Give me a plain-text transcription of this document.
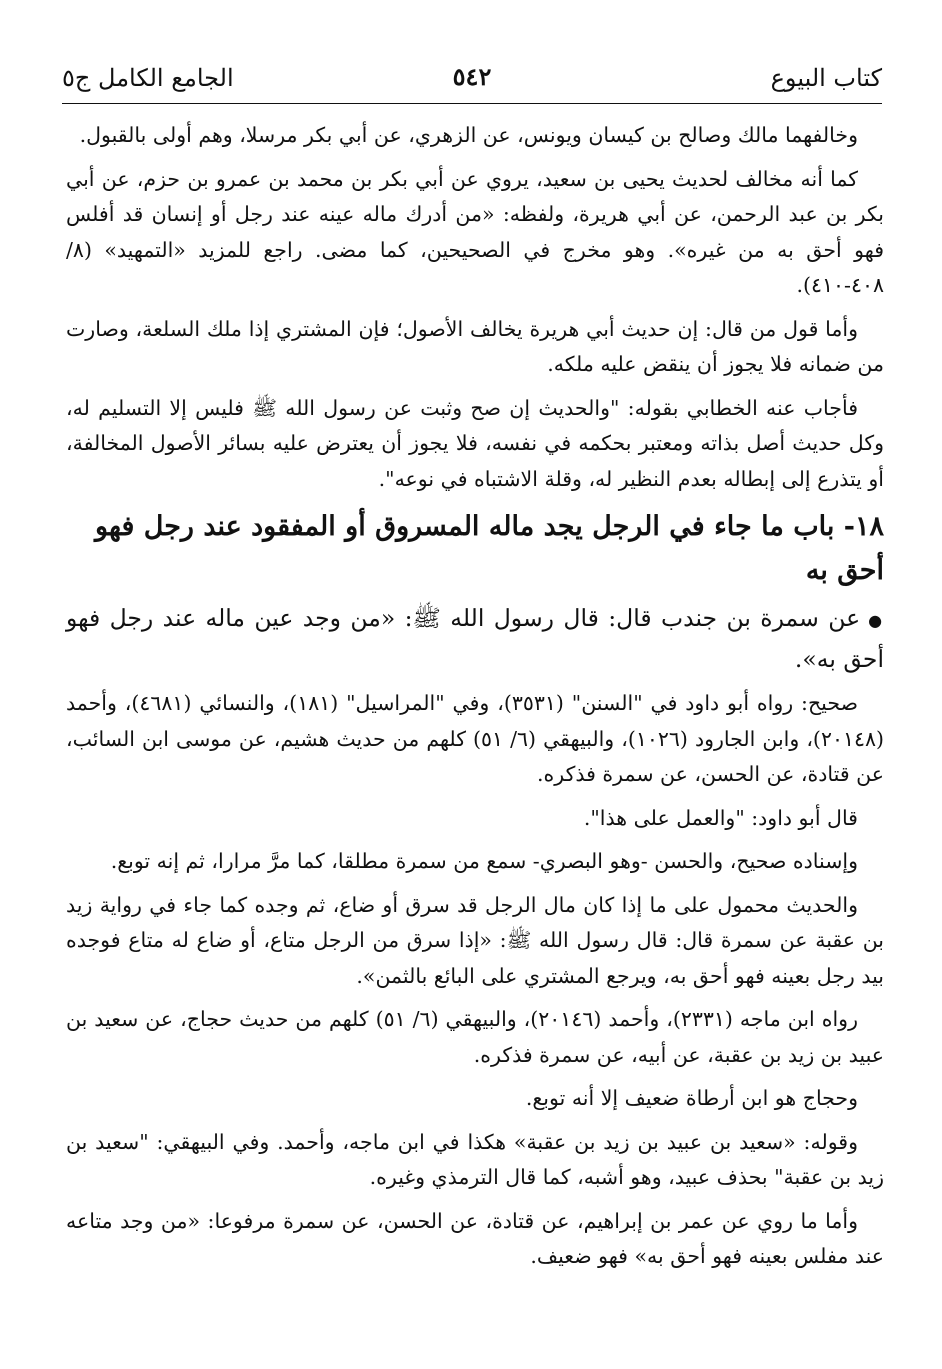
كتاب البيوع
٥٤٢
الجامع الكامل ج٥

وخالفهما مالك وصالح بن كيسان ويونس، عن الزهري، عن أبي بكر مرسلا، وهم أولى بالقبول.

كما أنه مخالف لحديث يحيى بن سعيد، يروي عن أبي بكر بن محمد بن عمرو بن حزم، عن أبي بكر بن عبد الرحمن، عن أبي هريرة، ولفظه: «من أدرك ماله عينه عند رجل أو إنسان قد أفلس فهو أحق به من غيره». وهو مخرج في الصحيحين، كما مضى. راجع للمزيد «التمهيد» (٨/ ٤٠٨-٤١٠).

وأما قول من قال: إن حديث أبي هريرة يخالف الأصول؛ فإن المشتري إذا ملك السلعة، وصارت من ضمانه فلا يجوز أن ينقض عليه ملكه.

فأجاب عنه الخطابي بقوله: "والحديث إن صح وثبت عن رسول الله ﷺ فليس إلا التسليم له، وكل حديث أصل بذاته ومعتبر بحكمه في نفسه، فلا يجوز أن يعترض عليه بسائر الأصول المخالفة، أو يتذرع إلى إبطاله بعدم النظير له، وقلة الاشتباه في نوعه".

١٨- باب ما جاء في الرجل يجد ماله المسروق أو المفقود عند رجل فهو أحق به

●عن سمرة بن جندب قال: قال رسول الله ﷺ: «من وجد عين ماله عند رجل فهو أحق به».

صحيح: رواه أبو داود في "السنن" (٣٥٣١)، وفي "المراسيل" (١٨١)، والنسائي (٤٦٨١)، وأحمد (٢٠١٤٨)، وابن الجارود (١٠٢٦)، والبيهقي (٦/ ٥١) كلهم من حديث هشيم، عن موسى ابن السائب، عن قتادة، عن الحسن، عن سمرة فذكره.

قال أبو داود: "والعمل على هذا".

وإسناده صحيح، والحسن -وهو البصري- سمع من سمرة مطلقا، كما مرَّ مرارا، ثم إنه توبع.

والحديث محمول على ما إذا كان مال الرجل قد سرق أو ضاع، ثم وجده كما جاء في رواية زيد بن عقبة عن سمرة قال: قال رسول الله ﷺ: «إذا سرق من الرجل متاع، أو ضاع له متاع فوجده بيد رجل بعينه فهو أحق به، ويرجع المشتري على البائع بالثمن».

رواه ابن ماجه (٢٣٣١)، وأحمد (٢٠١٤٦)، والبيهقي (٦/ ٥١) كلهم من حديث حجاج، عن سعيد بن عبيد بن زيد بن عقبة، عن أبيه، عن سمرة فذكره.

وحجاج هو ابن أرطاة ضعيف إلا أنه توبع.

وقوله: «سعيد بن عبيد بن زيد بن عقبة» هكذا في ابن ماجه، وأحمد. وفي البيهقي: "سعيد بن زيد بن عقبة" بحذف عبيد، وهو أشبه، كما قال الترمذي وغيره.

وأما ما روي عن عمر بن إبراهيم، عن قتادة، عن الحسن، عن سمرة مرفوعا: «من وجد متاعه عند مفلس بعينه فهو أحق به» فهو ضعيف.
